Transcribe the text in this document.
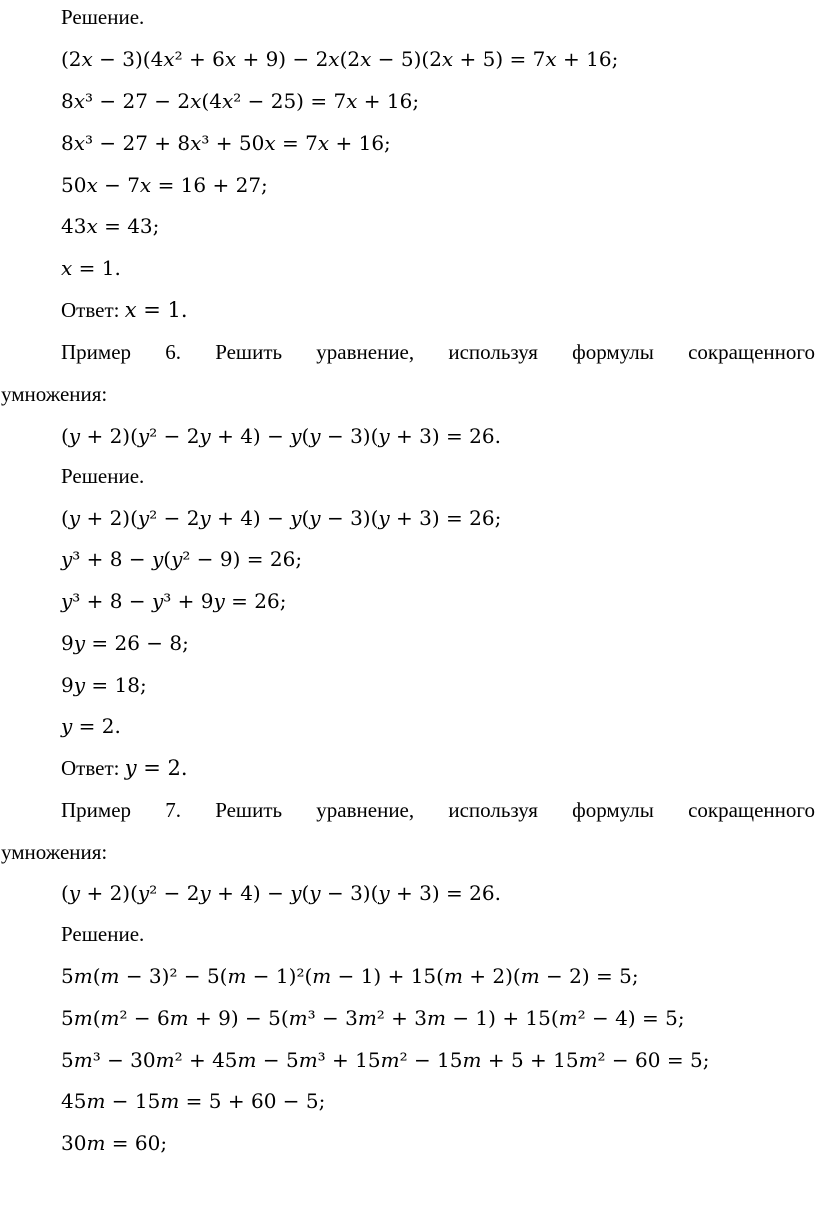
Решение.
(2𝑥 − 3)(4𝑥² + 6𝑥 + 9) − 2𝑥(2𝑥 − 5)(2𝑥 + 5) = 7𝑥 + 16;
8𝑥³ − 27 − 2𝑥(4𝑥² − 25) = 7𝑥 + 16;
8𝑥³ − 27 + 8𝑥³ + 50𝑥 = 7𝑥 + 16;
50𝑥 − 7𝑥 = 16 + 27;
43𝑥 = 43;
𝑥 = 1.
Ответ: 𝑥 = 1.
Пример 6. Решить уравнение, используя формулы сокращенного
умножения:
(𝑦 + 2)(𝑦² − 2𝑦 + 4) − 𝑦(𝑦 − 3)(𝑦 + 3) = 26.
Решение.
(𝑦 + 2)(𝑦² − 2𝑦 + 4) − 𝑦(𝑦 − 3)(𝑦 + 3) = 26;
𝑦³ + 8 − 𝑦(𝑦² − 9) = 26;
𝑦³ + 8 − 𝑦³ + 9𝑦 = 26;
9𝑦 = 26 − 8;
9𝑦 = 18;
𝑦 = 2.
Ответ: 𝑦 = 2.
Пример 7. Решить уравнение, используя формулы сокращенного
умножения:
(𝑦 + 2)(𝑦² − 2𝑦 + 4) − 𝑦(𝑦 − 3)(𝑦 + 3) = 26.
Решение.
5𝑚(𝑚 − 3)² − 5(𝑚 − 1)²(𝑚 − 1) + 15(𝑚 + 2)(𝑚 − 2) = 5;
5𝑚(𝑚² − 6𝑚 + 9) − 5(𝑚³ − 3𝑚² + 3𝑚 − 1) + 15(𝑚² − 4) = 5;
5𝑚³ − 30𝑚² + 45𝑚 − 5𝑚³ + 15𝑚² − 15𝑚 + 5 + 15𝑚² − 60 = 5;
45𝑚 − 15𝑚 = 5 + 60 − 5;
30𝑚 = 60;
